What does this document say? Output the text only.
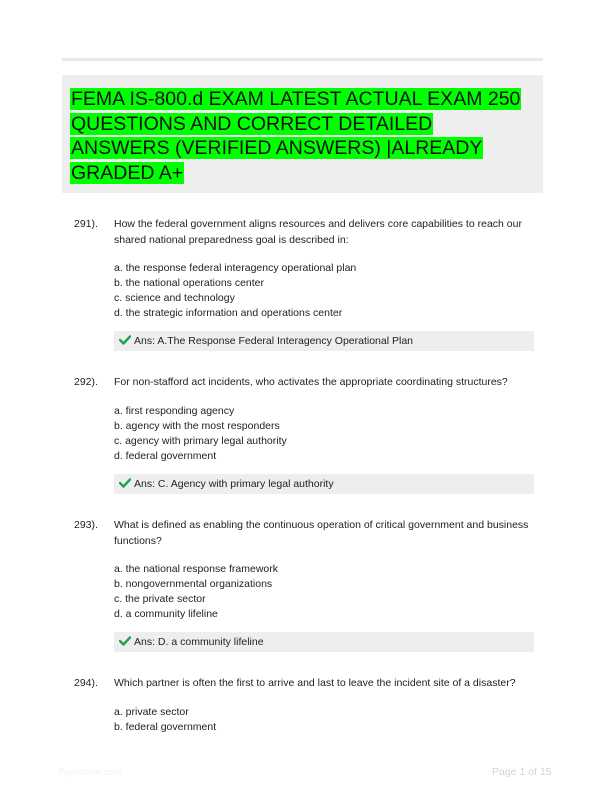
FEMA IS-800.d EXAM LATEST ACTUAL EXAM 250 QUESTIONS AND CORRECT DETAILED ANSWERS (VERIFIED ANSWERS) |ALREADY GRADED A+
291). How the federal government aligns resources and delivers core capabilities to reach our shared national preparedness goal is described in:
a. the response federal interagency operational plan
b. the national operations center
c. science and technology
d. the strategic information and operations center
Ans: A.The Response Federal Interagency Operational Plan
292). For non-stafford act incidents, who activates the appropriate coordinating structures?
a. first responding agency
b. agency with the most responders
c. agency with primary legal authority
d. federal government
Ans: C. Agency with primary legal authority
293). What is defined as enabling the continuous operation of critical government and business functions?
a. the national response framework
b. nongovernmental organizations
c. the private sector
d. a community lifeline
Ans: D. a community lifeline
294). Which partner is often the first to arrive and last to leave the incident site of a disaster?
a. private sector
b. federal government
Papertible.com	Page 1 of 15
